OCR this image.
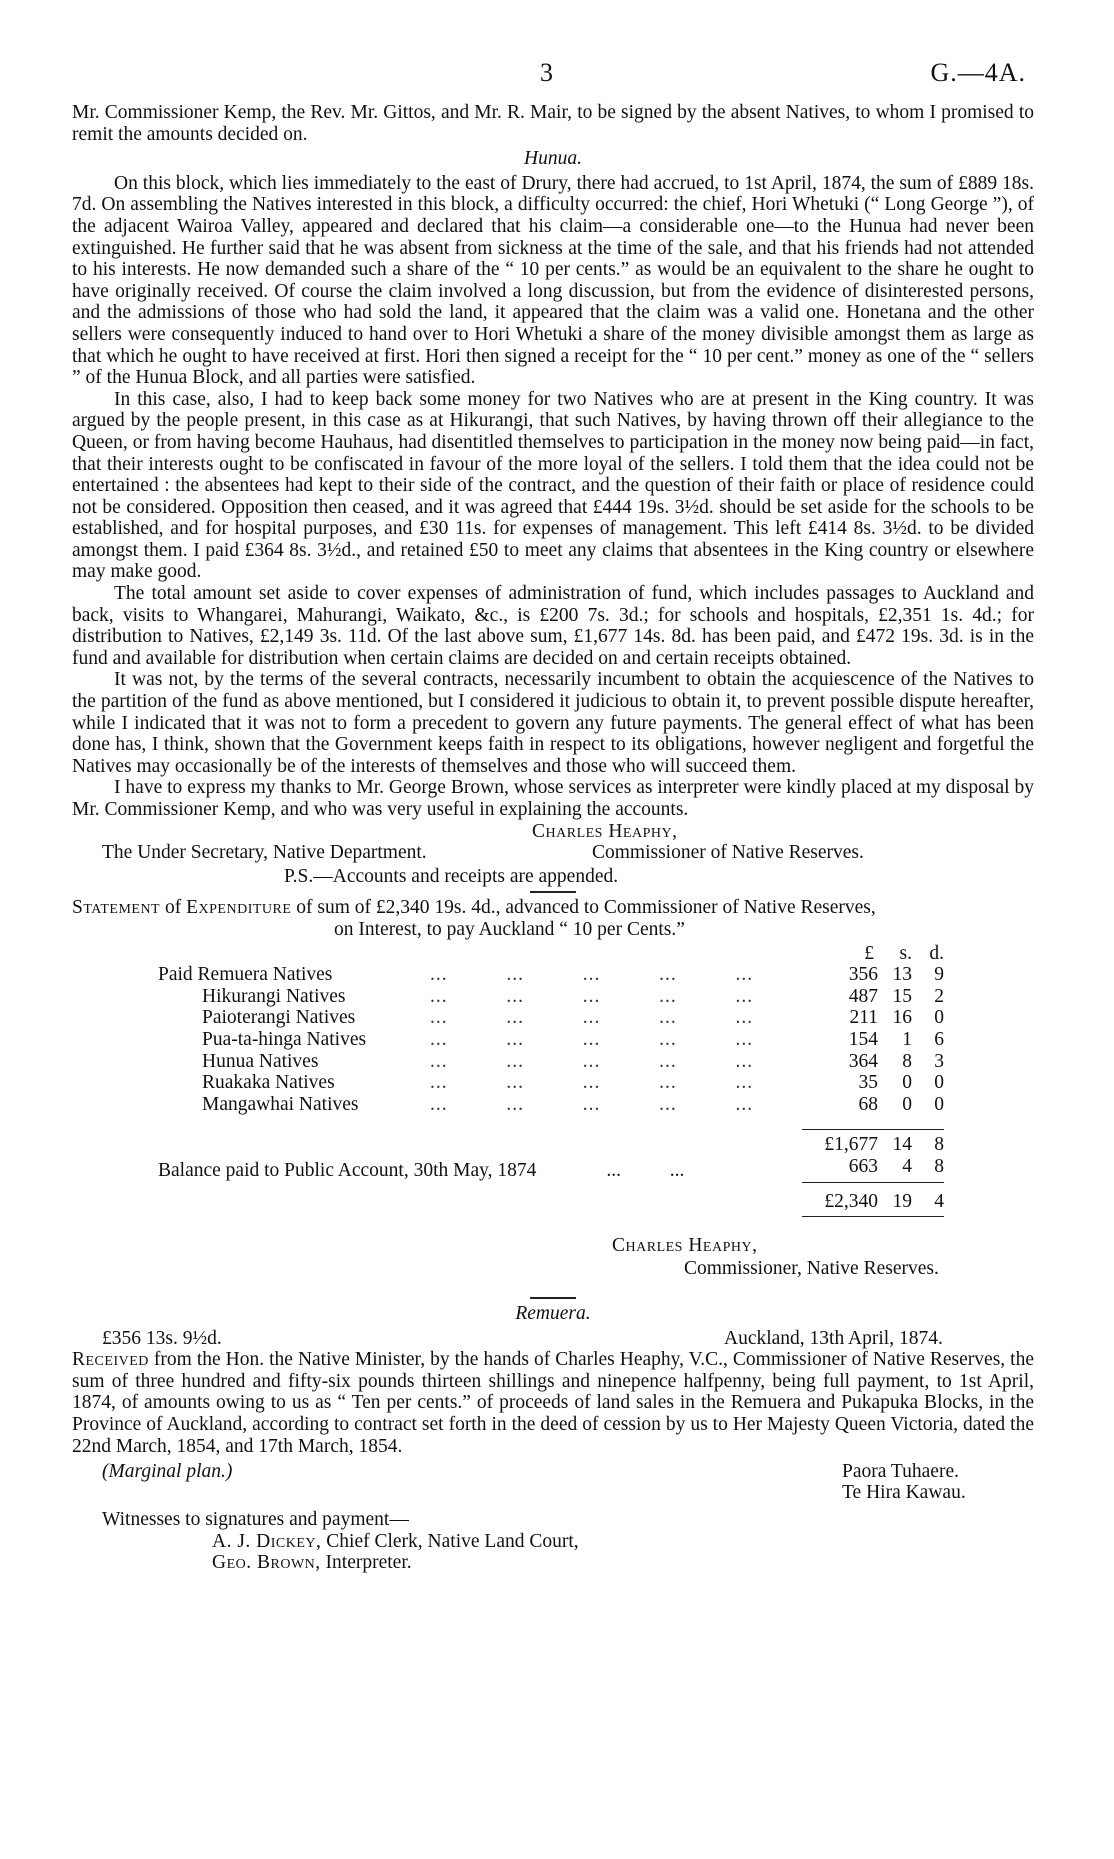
3	G.—4A.

Mr. Commissioner Kemp, the Rev. Mr. Gittos, and Mr. R. Mair, to be signed by the absent Natives, to whom I promised to remit the amounts decided on.

Hunua.

On this block, which lies immediately to the east of Drury, there had accrued, to 1st April, 1874, the sum of £889 18s. 7d. On assembling the Natives interested in this block, a difficulty occurred: the chief, Hori Whetuki (“ Long George ”), of the adjacent Wairoa Valley, appeared and declared that his claim—a considerable one—to the Hunua had never been extinguished. He further said that he was absent from sickness at the time of the sale, and that his friends had not attended to his interests. He now demanded such a share of the “ 10 per cents.” as would be an equivalent to the share he ought to have originally received. Of course the claim involved a long discussion, but from the evidence of disinterested persons, and the admissions of those who had sold the land, it appeared that the claim was a valid one. Honetana and the other sellers were consequently induced to hand over to Hori Whetuki a share of the money divisible amongst them as large as that which he ought to have received at first. Hori then signed a receipt for the “ 10 per cent.” money as one of the “ sellers ” of the Hunua Block, and all parties were satisfied.

In this case, also, I had to keep back some money for two Natives who are at present in the King country. It was argued by the people present, in this case as at Hikurangi, that such Natives, by having thrown off their allegiance to the Queen, or from having become Hauhaus, had disentitled themselves to participation in the money now being paid—in fact, that their interests ought to be confiscated in favour of the more loyal of the sellers. I told them that the idea could not be entertained : the absentees had kept to their side of the contract, and the question of their faith or place of residence could not be considered. Opposition then ceased, and it was agreed that £444 19s. 3½d. should be set aside for the schools to be established, and for hospital purposes, and £30 11s. for expenses of management. This left £414 8s. 3½d. to be divided amongst them. I paid £364 8s. 3½d., and retained £50 to meet any claims that absentees in the King country or elsewhere may make good.

The total amount set aside to cover expenses of administration of fund, which includes passages to Auckland and back, visits to Whangarei, Mahurangi, Waikato, &c., is £200 7s. 3d.; for schools and hospitals, £2,351 1s. 4d.; for distribution to Natives, £2,149 3s. 11d. Of the last above sum, £1,677 14s. 8d. has been paid, and £472 19s. 3d. is in the fund and available for distribution when certain claims are decided on and certain receipts obtained.

It was not, by the terms of the several contracts, necessarily incumbent to obtain the acquiescence of the Natives to the partition of the fund as above mentioned, but I considered it judicious to obtain it, to prevent possible dispute hereafter, while I indicated that it was not to form a precedent to govern any future payments. The general effect of what has been done has, I think, shown that the Government keeps faith in respect to its obligations, however negligent and forgetful the Natives may occasionally be of the interests of themselves and those who will succeed them.

I have to express my thanks to Mr. George Brown, whose services as interpreter were kindly placed at my disposal by Mr. Commissioner Kemp, and who was very useful in explaining the accounts.

Charles Heaphy,
The Under Secretary, Native Department.	Commissioner of Native Reserves.
P.S.—Accounts and receipts are appended.

Statement of Expenditure of sum of £2,340 19s. 4d., advanced to Commissioner of Native Reserves,

on Interest, to pay Auckland “ 10 per Cents.”
		£	s.	d.
Paid Remuera Natives	...          ...          ...          ...          ...	356	13	9
Hikurangi Natives	...          ...          ...          ...          ...	487	15	2
Paioterangi Natives	...          ...          ...          ...          ...	211	16	0
Pua-ta-hinga Natives	...          ...          ...          ...          ...	154	1	6
Hunua Natives	...          ...          ...          ...          ...	364	8	3
Ruakaka Natives	...          ...          ...          ...          ...	35	0	0
Mangawhai Natives	...          ...          ...          ...          ...	68	0	0

		£1,677	14	8
Balance paid to Public Account, 30th May, 1874 ...          ...		663	4	8
		£2,340	19	4
Charles Heaphy,
Commissioner, Native Reserves.
Remuera.
£356 13s. 9½d.	Auckland, 13th April, 1874.

Received from the Hon. the Native Minister, by the hands of Charles Heaphy, V.C., Commissioner of Native Reserves, the sum of three hundred and fifty-six pounds thirteen shillings and ninepence halfpenny, being full payment, to 1st April, 1874, of amounts owing to us as “ Ten per cents.” of proceeds of land sales in the Remuera and Pukapuka Blocks, in the Province of Auckland, according to contract set forth in the deed of cession by us to Her Majesty Queen Victoria, dated the 22nd March, 1854, and 17th March, 1854.

(Marginal plan.)	Paora Tuhaere.
Te Hira Kawau.
Witnesses to signatures and payment—
A. J. Dickey, Chief Clerk, Native Land Court,
Geo. Brown, Interpreter.
